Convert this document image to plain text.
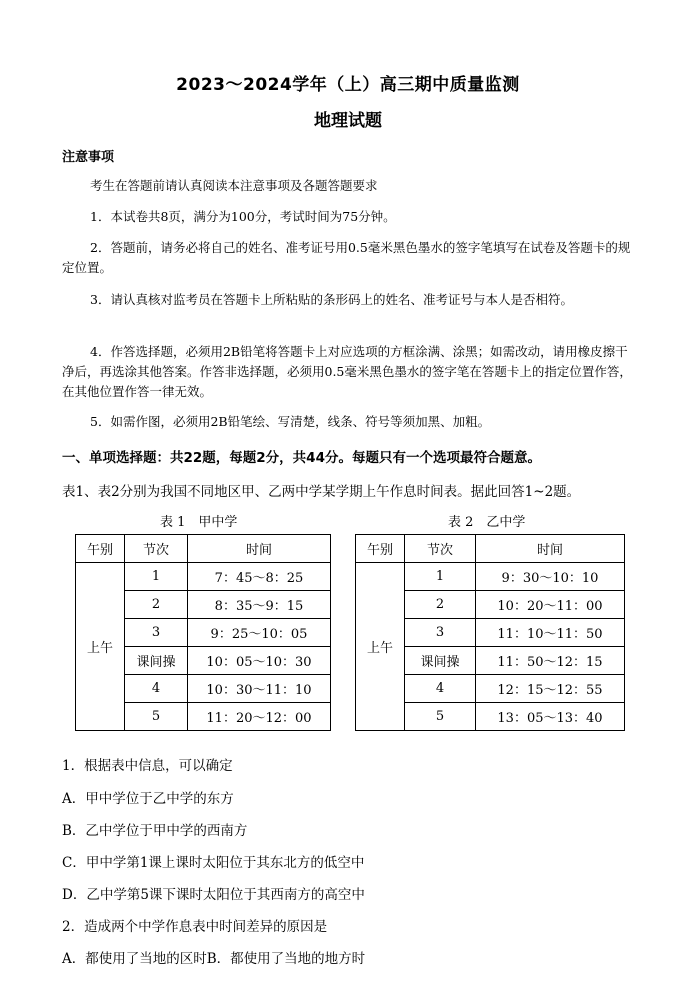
2023～2024学年（上）高三期中质量监测
地理试题
注意事项
考生在答题前请认真阅读本注意事项及各题答题要求
1．本试卷共8页，满分为100分，考试时间为75分钟。
2．答题前，请务必将自己的姓名、准考证号用0.5毫米黑色墨水的签字笔填写在试卷及答题卡的规定位置。
3．请认真核对监考员在答题卡上所粘贴的条形码上的姓名、准考证号与本人是否相符。
4．作答选择题，必须用2B铅笔将答题卡上对应选项的方框涂满、涂黑；如需改动，请用橡皮擦干净后，再选涂其他答案。作答非选择题，必须用0.5毫米黑色墨水的签字笔在答题卡上的指定位置作答，在其他位置作答一律无效。
5．如需作图，必须用2B铅笔绘、写清楚，线条、符号等须加黑、加粗。
一、单项选择题：共22题，每题2分，共44分。每题只有一个选项最符合题意。
表1、表2分别为我国不同地区甲、乙两中学某学期上午作息时间表。据此回答1~2题。
表 1　甲中学	表 2　乙中学
午别	节次	时间
上午	1	7：45～8：25
	2	8：35～9：15
	3	9：25～10：05
	课间操	10：05～10：30
	4	10：30～11：10
	5	11：20～12：00
午别	节次	时间
上午	1	9：30～10：10
	2	10：20～11：00
	3	11：10～11：50
	课间操	11：50～12：15
	4	12：15～12：55
	5	13：05～13：40
1．根据表中信息，可以确定
A．甲中学位于乙中学的东方
B．乙中学位于甲中学的西南方
C．甲中学第1课上课时太阳位于其东北方的低空中
D．乙中学第5课下课时太阳位于其西南方的高空中
2．造成两个中学作息表中时间差异的原因是
A．都使用了当地的区时B．都使用了当地的地方时
